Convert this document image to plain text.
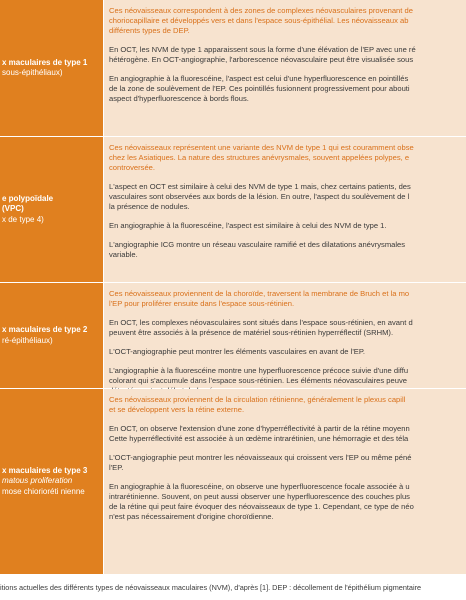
x maculaires de type 1
sous-épithéliaux)

Ces néovaisseaux correspondent à des zones de complexes néovasculaires provenant de
choriocapillaire et développés vers et dans l'espace sous-épithélial. Les néovaisseaux ab
différents types de DEP.

En OCT, les NVM de type 1 apparaissent sous la forme d'une élévation de l'EP avec une ré
hétérogène. En OCT-angiographie, l'arborescence néovasculaire peut être visualisée sous

En angiographie à la fluorescéine, l'aspect est celui d'une hyperfluorescence en pointillés
de la zone de soulèvement de l'EP. Ces pointillés fusionnent progressivement pour abouti
aspect d'hyperfluorescence à bords flous.

e polypoïdale
(VPC)
x de type 4)

Ces néovaisseaux représentent une variante des NVM de type 1 qui est couramment obse
chez les Asiatiques. La nature des structures anévrysmales, souvent appelées polypes, e
controversée.

L'aspect en OCT est similaire à celui des NVM de type 1 mais, chez certains patients, des
vasculaires sont observées aux bords de la lésion. En outre, l'aspect du soulèvement de l
la présence de nodules.

En angiographie à la fluorescéine, l'aspect est similaire à celui des NVM de type 1.

L'angiographie ICG montre un réseau vasculaire ramifié et des dilatations anévrysmales
variable.

x maculaires de type 2
ré-épithéliaux)

Ces néovaisseaux proviennent de la choroïde, traversent la membrane de Bruch et la mo
l'EP pour proliférer ensuite dans l'espace sous-rétinien.

En OCT, les complexes néovasculaires sont situés dans l'espace sous-rétinien, en avant d
peuvent être associés à la présence de matériel sous-rétinien hyperréflectif (SRHM).

L'OCT-angiographie peut montrer les éléments vasculaires en avant de l'EP.

L'angiographie à la fluorescéine montre une hyperfluorescence précoce suivie d'une diffu
colorant qui s'accumule dans l'espace sous-rétinien. Les éléments néovasculaires peuve

x maculaires de type 3
matous proliferation
mose chiorioréti nienne

Ces néovaisseaux proviennent de la circulation rétinienne, généralement le plexus capill
et se développent vers la rétine externe.

En OCT, on observe l'extension d'une zone d'hyperréflectivité à partir de la rétine moyenn
Cette hyperréflectivité est associée à un œdème intrarétinien, une hémorragie et des téla

L'OCT-angiographie peut montrer les néovaisseaux qui croissent vers l'EP ou même péné
l'EP.

En angiographie à la fluorescéine, on observe une hyperfluorescence focale associée à u
intrarétinienne. Souvent, on peut aussi observer une hyperfluorescence des couches plus
de la rétine qui peut faire évoquer des néovaisseaux de type 1. Cependant, ce type de néo
n'est pas nécessairement d'origine choroïdienne.

itions actuelles des différents types de néovaisseaux maculaires (NVM), d'après [1]. DEP : décollement de l'épithélium pigmentaire
